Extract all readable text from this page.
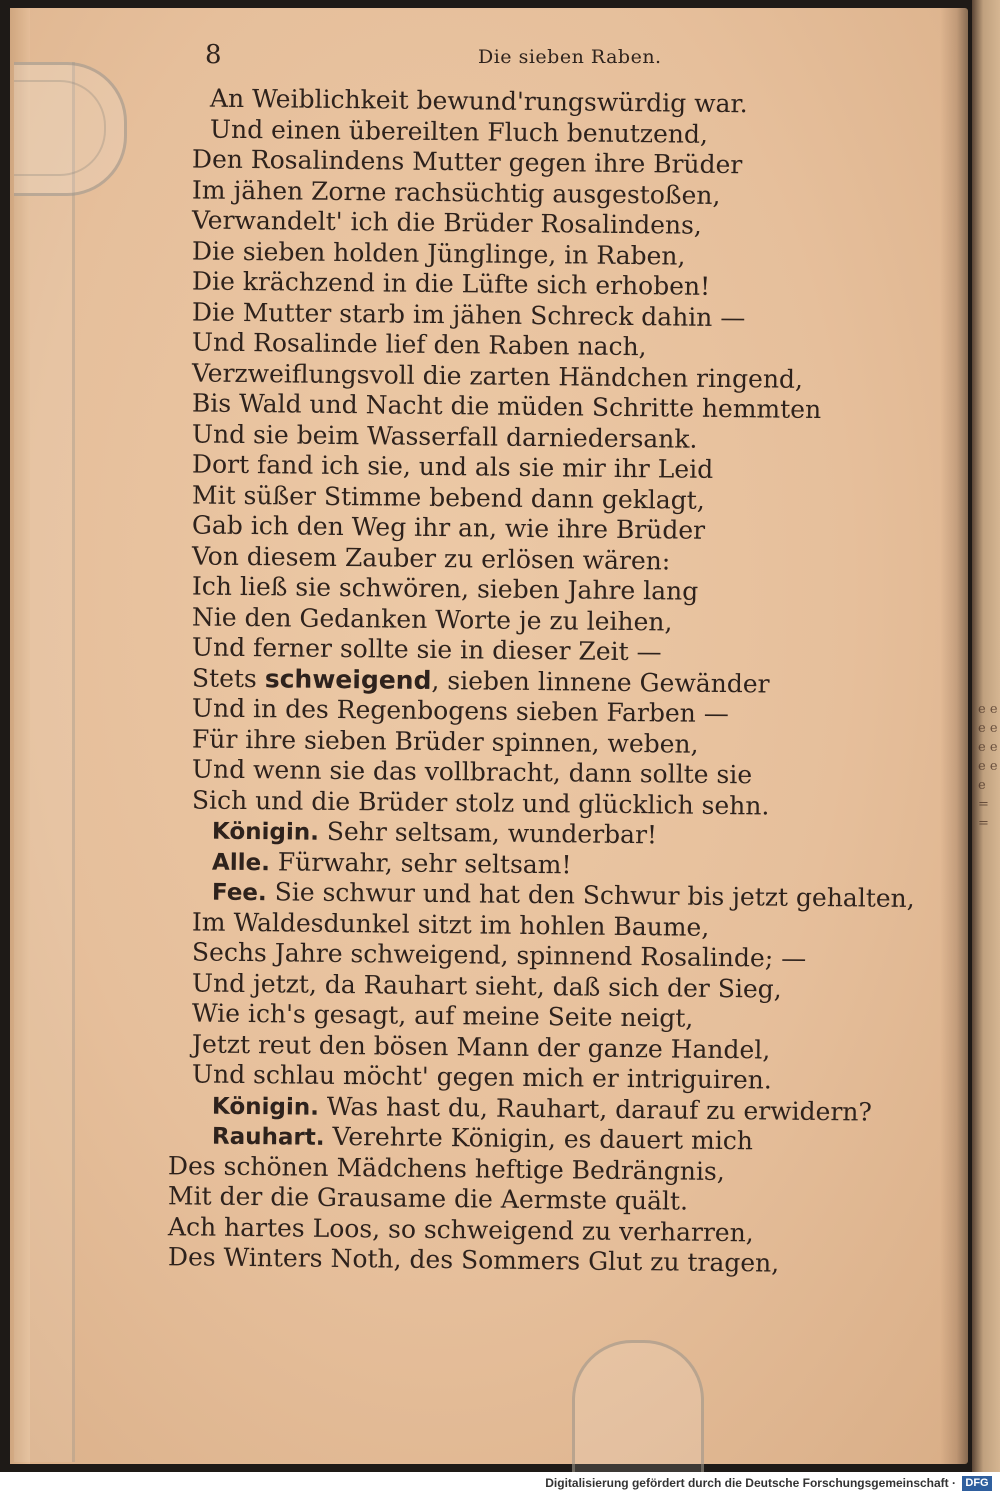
e e e e e e e e e = =
8	Die sieben Raben.
An Weiblichkeit bewund'rungswürdig war.
Und einen übereilten Fluch benutzend,
Den Rosalindens Mutter gegen ihre Brüder
Im jähen Zorne rachsüchtig ausgestoßen,
Verwandelt' ich die Brüder Rosalindens,
Die sieben holden Jünglinge, in Raben,
Die krächzend in die Lüfte sich erhoben!
Die Mutter starb im jähen Schreck dahin —
Und Rosalinde lief den Raben nach,
Verzweiflungsvoll die zarten Händchen ringend,
Bis Wald und Nacht die müden Schritte hemmten
Und sie beim Wasserfall darniedersank.
Dort fand ich sie, und als sie mir ihr Leid
Mit süßer Stimme bebend dann geklagt,
Gab ich den Weg ihr an, wie ihre Brüder
Von diesem Zauber zu erlösen wären:
Ich ließ sie schwören, sieben Jahre lang
Nie den Gedanken Worte je zu leihen,
Und ferner sollte sie in dieser Zeit —
Stets schweigend, sieben linnene Gewänder
Und in des Regenbogens sieben Farben —
Für ihre sieben Brüder spinnen, weben,
Und wenn sie das vollbracht, dann sollte sie
Sich und die Brüder stolz und glücklich sehn.
Königin. Sehr seltsam, wunderbar!
Alle. Fürwahr, sehr seltsam!
Fee. Sie schwur und hat den Schwur bis jetzt gehalten,
Im Waldesdunkel sitzt im hohlen Baume,
Sechs Jahre schweigend, spinnend Rosalinde; —
Und jetzt, da Rauhart sieht, daß sich der Sieg,
Wie ich's gesagt, auf meine Seite neigt,
Jetzt reut den bösen Mann der ganze Handel,
Und schlau möcht' gegen mich er intriguiren.
Königin. Was hast du, Rauhart, darauf zu erwidern?
Rauhart. Verehrte Königin, es dauert mich
Des schönen Mädchens heftige Bedrängnis,
Mit der die Grausame die Aermste quält.
Ach hartes Loos, so schweigend zu verharren,
Des Winters Noth, des Sommers Glut zu tragen,
Digitalisierung gefördert durch die Deutsche Forschungsgemeinschaft · DFG
